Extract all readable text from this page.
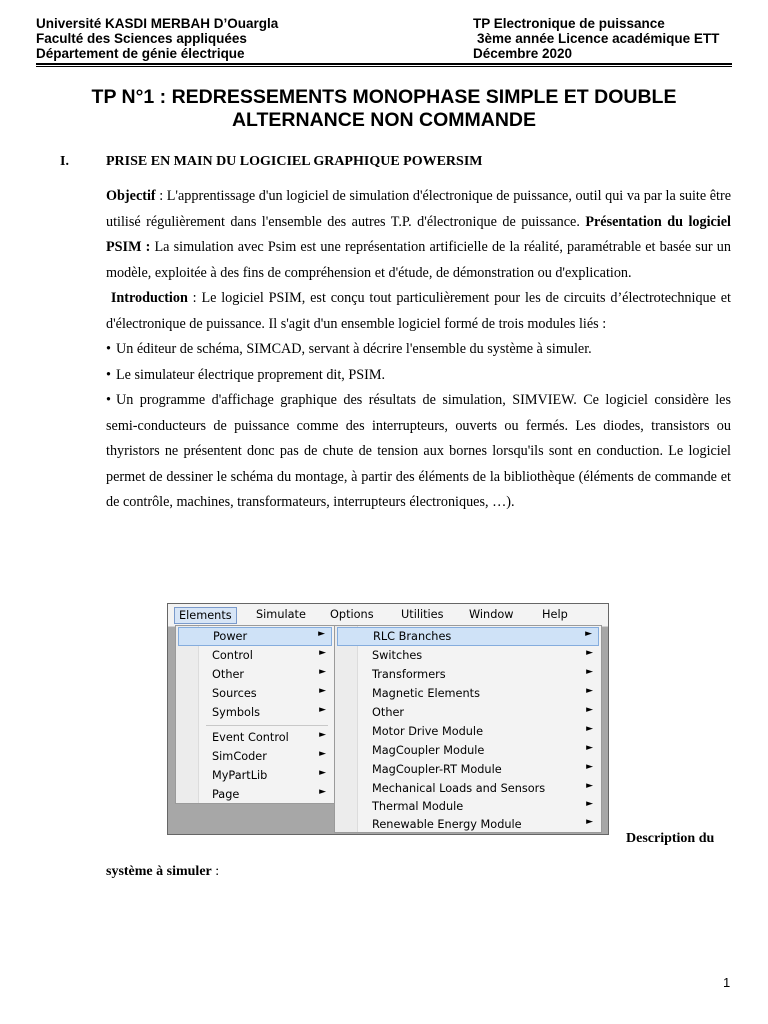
Université KASDI MERBAH D’Ouargla
Faculté des Sciences appliquées
Département de génie électrique
TP Electronique de puissance
3ème année Licence académique ETT
Décembre 2020
TP N°1 : REDRESSEMENTS MONOPHASE SIMPLE ET DOUBLE
ALTERNANCE NON COMMANDE
I.	PRISE EN MAIN DU LOGICIEL GRAPHIQUE POWERSIM

Objectif : L'apprentissage d'un logiciel de simulation d'électronique de puissance, outil qui va par la suite être utilisé régulièrement dans l'ensemble des autres T.P. d'électronique de puissance. Présentation du logiciel PSIM : La simulation avec Psim est une représentation artificielle de la réalité, paramétrable et basée sur un modèle, exploitée à des fins de compréhension et d'étude, de démonstration ou d'explication.

Introduction : Le logiciel PSIM, est conçu tout particulièrement pour les de circuits d’électrotechnique et d'électronique de puissance. Il s'agit d'un ensemble logiciel formé de trois modules liés :

• Un éditeur de schéma, SIMCAD, servant à décrire l'ensemble du système à simuler.

• Le simulateur électrique proprement dit, PSIM.

• Un programme d'affichage graphique des résultats de simulation, SIMVIEW. Ce logiciel considère les semi-conducteurs de puissance comme des interrupteurs, ouverts ou fermés. Les diodes, transistors ou thyristors ne présentent donc pas de chute de tension aux bornes lorsqu'ils sont en conduction. Le logiciel permet de dessiner le schéma du montage, à partir des éléments de la bibliothèque (éléments de commande et de contrôle, machines, transformateurs, interrupteurs électroniques, …).

Elements	Simulate Options Utilities Window	Help
Power	►
Control	►
Other	►
Sources	►
Symbols	►
Event Control	►
SimCoder	►
MyPartLib	►
Page	►
RLC Branches	►
Switches	►
Transformers	►
Magnetic Elements	►
Other	►
Motor Drive Module	►
MagCoupler Module	►
MagCoupler-RT Module	►
Mechanical Loads and Sensors	►
Thermal Module	►
Renewable Energy Module	►
Description du
système à simuler :
1
